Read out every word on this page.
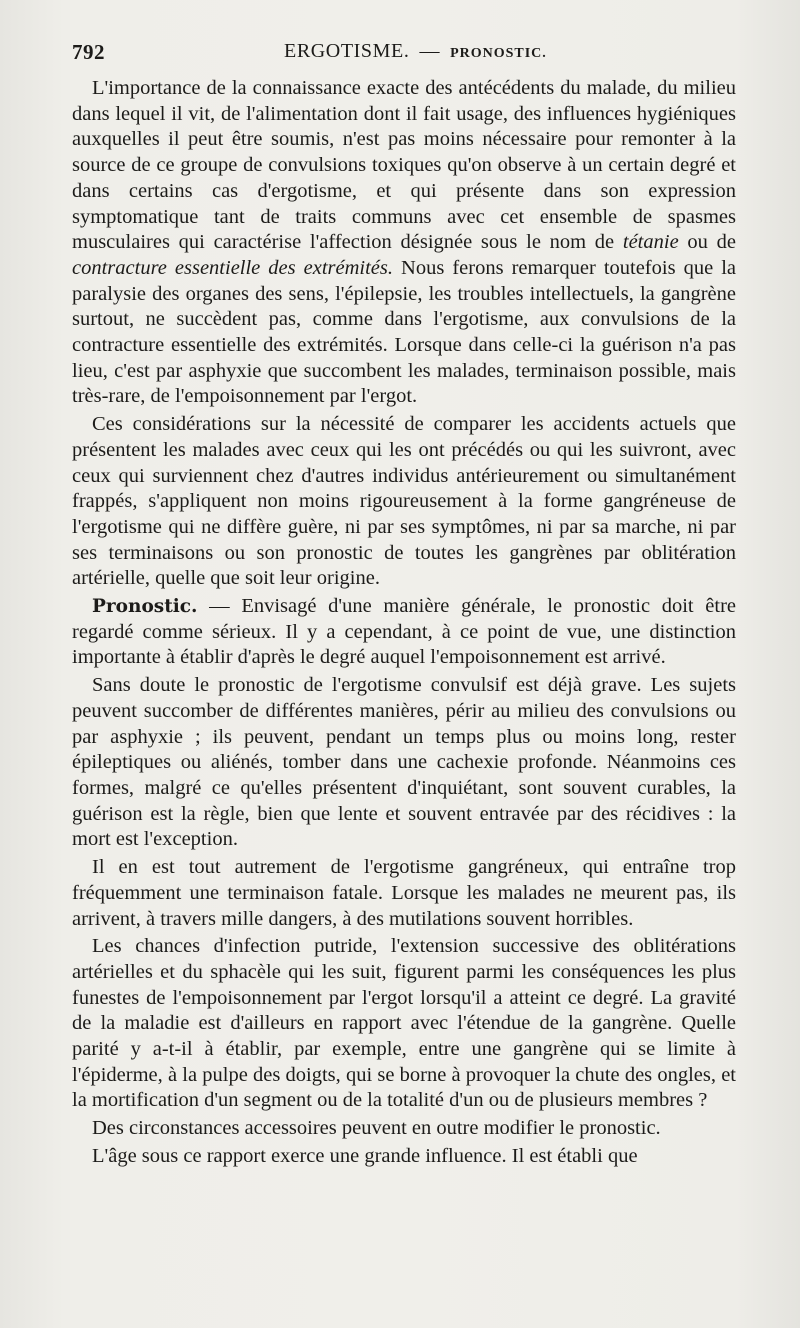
792	ERGOTISME. — PRONOSTIC.

L'importance de la connaissance exacte des antécédents du malade, du milieu dans lequel il vit, de l'alimentation dont il fait usage, des influences hygiéniques auxquelles il peut être soumis, n'est pas moins nécessaire pour remonter à la source de ce groupe de convulsions toxiques qu'on observe à un certain degré et dans certains cas d'ergotisme, et qui présente dans son expression symptomatique tant de traits communs avec cet ensemble de spasmes musculaires qui caractérise l'affection désignée sous le nom de tétanie ou de contracture essentielle des extrémités. Nous ferons remarquer toutefois que la paralysie des organes des sens, l'épilepsie, les troubles intellectuels, la gangrène surtout, ne succèdent pas, comme dans l'ergotisme, aux convulsions de la contracture essentielle des extrémités. Lorsque dans celle-ci la guérison n'a pas lieu, c'est par asphyxie que succombent les malades, terminaison possible, mais très-rare, de l'empoisonnement par l'ergot.

Ces considérations sur la nécessité de comparer les accidents actuels que présentent les malades avec ceux qui les ont précédés ou qui les suivront, avec ceux qui surviennent chez d'autres individus antérieurement ou simultanément frappés, s'appliquent non moins rigoureusement à la forme gangréneuse de l'ergotisme qui ne diffère guère, ni par ses symptômes, ni par sa marche, ni par ses terminaisons ou son pronostic de toutes les gangrènes par oblitération artérielle, quelle que soit leur origine.

Pronostic. — Envisagé d'une manière générale, le pronostic doit être regardé comme sérieux. Il y a cependant, à ce point de vue, une distinction importante à établir d'après le degré auquel l'empoisonnement est arrivé.

Sans doute le pronostic de l'ergotisme convulsif est déjà grave. Les sujets peuvent succomber de différentes manières, périr au milieu des convulsions ou par asphyxie ; ils peuvent, pendant un temps plus ou moins long, rester épileptiques ou aliénés, tomber dans une cachexie profonde. Néanmoins ces formes, malgré ce qu'elles présentent d'inquiétant, sont souvent curables, la guérison est la règle, bien que lente et souvent entravée par des récidives : la mort est l'exception.

Il en est tout autrement de l'ergotisme gangréneux, qui entraîne trop fréquemment une terminaison fatale. Lorsque les malades ne meurent pas, ils arrivent, à travers mille dangers, à des mutilations souvent horribles.

Les chances d'infection putride, l'extension successive des oblitérations artérielles et du sphacèle qui les suit, figurent parmi les conséquences les plus funestes de l'empoisonnement par l'ergot lorsqu'il a atteint ce degré. La gravité de la maladie est d'ailleurs en rapport avec l'étendue de la gangrène. Quelle parité y a-t-il à établir, par exemple, entre une gangrène qui se limite à l'épiderme, à la pulpe des doigts, qui se borne à provoquer la chute des ongles, et la mortification d'un segment ou de la totalité d'un ou de plusieurs membres ?

Des circonstances accessoires peuvent en outre modifier le pronostic.

L'âge sous ce rapport exerce une grande influence. Il est établi que
